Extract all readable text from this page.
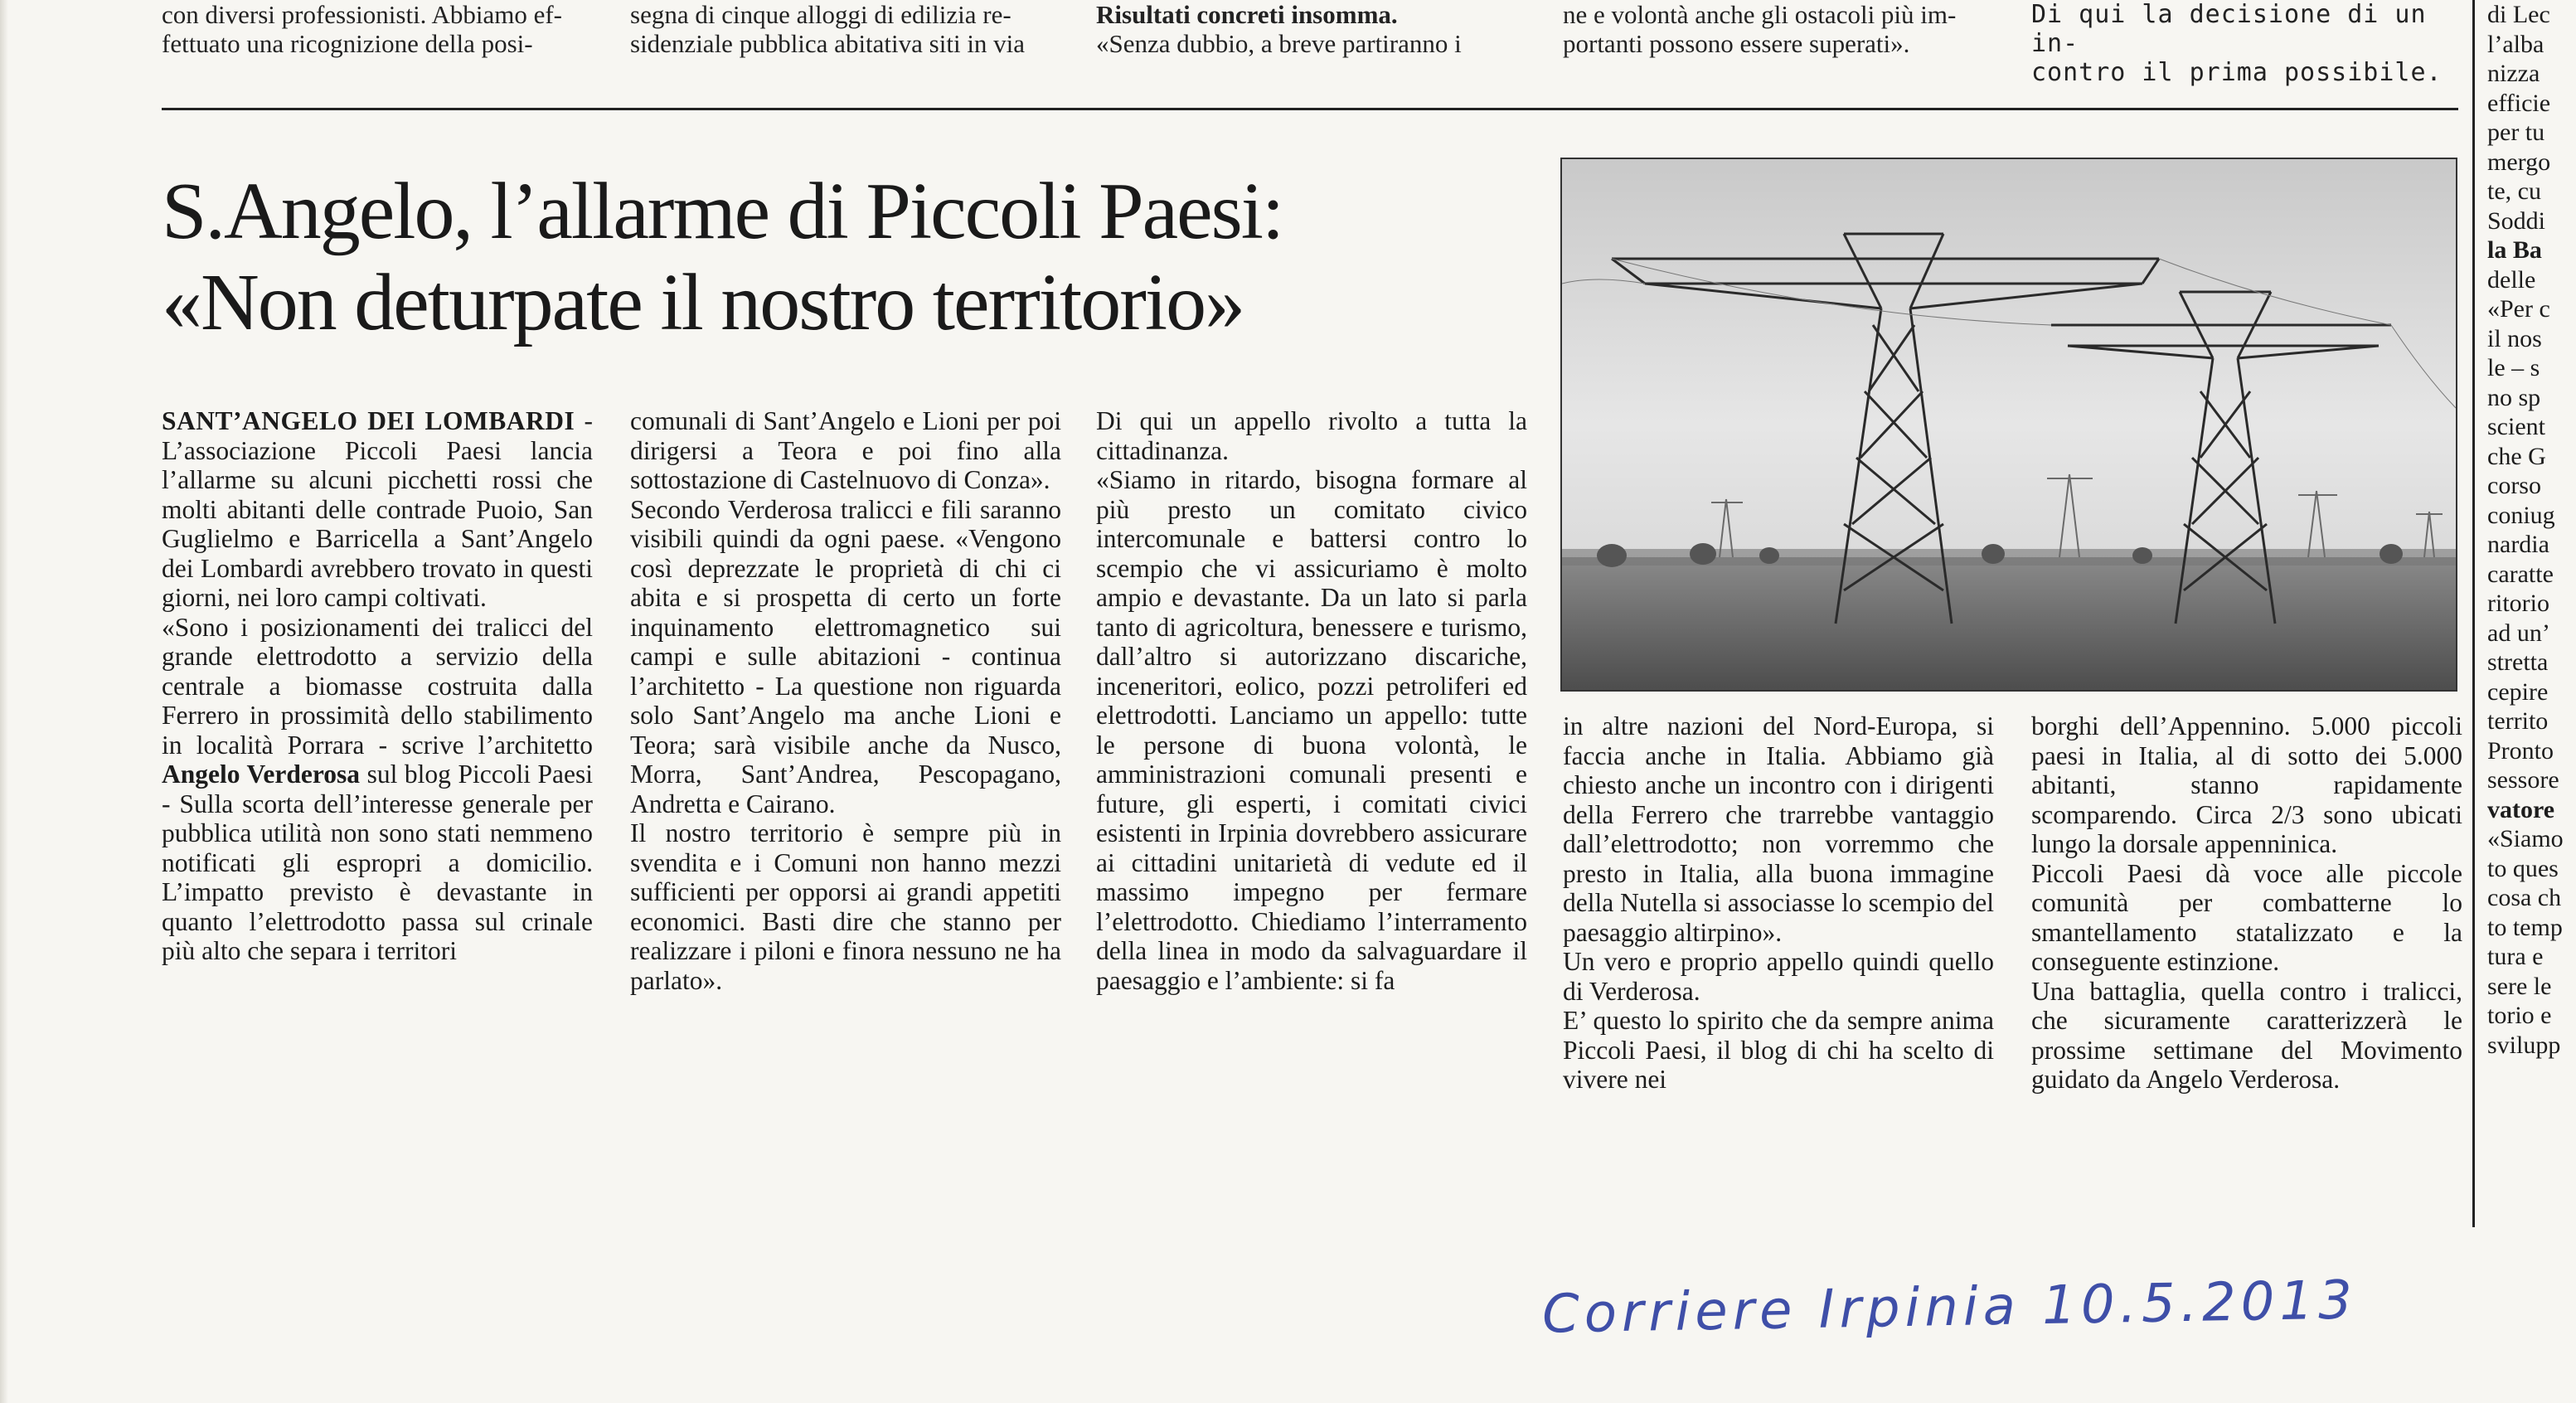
con diversi professionisti. Abbiamo ef-

fettuato una ricognizione della posi-

segna di cinque alloggi di edilizia re-

sidenziale pubblica abitativa siti in via

Risultati concreti insomma.

«Senza dubbio, a breve partiranno i

ne e volontà anche gli ostacoli più im-

portanti possono essere superati».

Di qui la decisione di un in-

contro il prima possibile.

S.Angelo, l’allarme di Piccoli Paesi:
«Non deturpate il nostro territorio»

SANT’ANGELO DEI LOMBARDI - L’associazione Piccoli Paesi lancia l’allarme su alcuni picchetti rossi che molti abitanti delle contrade Puoio, San Guglielmo e Barricella a Sant’Angelo dei Lombardi avrebbero trovato in questi giorni, nei loro campi coltivati.

«Sono i posizionamenti dei tralicci del grande elettrodotto a servizio della centrale a biomasse costruita dalla Ferrero in prossimità dello stabilimento in località Porrara - scrive l’architetto Angelo Verderosa sul blog Piccoli Paesi - Sulla scorta dell’interesse generale per pubblica utilità non sono stati nemmeno notificati gli espropri a domicilio. L’impatto previsto è devastante in quanto l’elettrodotto passa sul crinale più alto che separa i territori

comunali di Sant’Angelo e Lioni per poi dirigersi a Teora e poi fino alla sottostazione di Castelnuovo di Conza».

Secondo Verderosa tralicci e fili saranno visibili quindi da ogni paese. «Vengono così deprezzate le proprietà di chi ci abita e si prospetta di certo un forte inquinamento elettromagnetico sui campi e sulle abitazioni - continua l’architetto - La questione non riguarda solo Sant’Angelo ma anche Lioni e Teora; sarà visibile anche da Nusco, Morra, Sant’Andrea, Pescopagano, Andretta e Cairano.

Il nostro territorio è sempre più in svendita e i Comuni non hanno mezzi sufficienti per opporsi ai grandi appetiti economici. Basti dire che stanno per realizzare i piloni e finora nessuno ne ha parlato».

Di qui un appello rivolto a tutta la cittadinanza.

«Siamo in ritardo, bisogna formare al più presto un comitato civico intercomunale e battersi contro lo scempio che vi assicuriamo è molto ampio e devastante. Da un lato si parla tanto di agricoltura, benessere e turismo, dall’altro si autorizzano discariche, inceneritori, eolico, pozzi petroliferi ed elettrodotti. Lanciamo un appello: tutte le persone di buona volontà, le amministrazioni comunali presenti e future, gli esperti, i comitati civici esistenti in Irpinia dovrebbero assicurare ai cittadini unitarietà di vedute ed il massimo impegno per fermare l’elettrodotto. Chiediamo l’interramento della linea in modo da salvaguardare il paesaggio e l’ambiente: si fa

in altre nazioni del Nord-Europa, si faccia anche in Italia. Abbiamo già chiesto anche un incontro con i dirigenti della Ferrero che trarrebbe vantaggio dall’elettrodotto; non vorremmo che presto in Italia, alla buona immagine della Nutella si associasse lo scempio del paesaggio altirpino».

Un vero e proprio appello quindi quello di Verderosa.

E’ questo lo spirito che da sempre anima Piccoli Paesi, il blog di chi ha scelto di vivere nei

borghi dell’Appennino. 5.000 piccoli paesi in Italia, al di sotto dei 5.000 abitanti, stanno rapidamente scomparendo. Circa 2/3 sono ubicati lungo la dorsale appenninica.

Piccoli Paesi dà voce alle piccole comunità per combatterne lo smantellamento statalizzato e la conseguente estinzione.

Una battaglia, quella contro i tralicci, che sicuramente caratterizzerà le prossime settimane del Movimento guidato da Angelo Verderosa.

di Lec

l’alba

nizza

efficie

per tu

mergo

te, cu

Soddi

la Ba

delle

«Per c

il nos

le – s

no sp

scient

che G

corso

coniug

nardia

caratte

ritorio

ad un’

stretta

cepire

territo

Pronto

sessore

vatore

«Siamo

to ques

cosa ch

to temp

tura e

sere le

torio e

svilupp

Corriere Irpinia 10.5.2013
